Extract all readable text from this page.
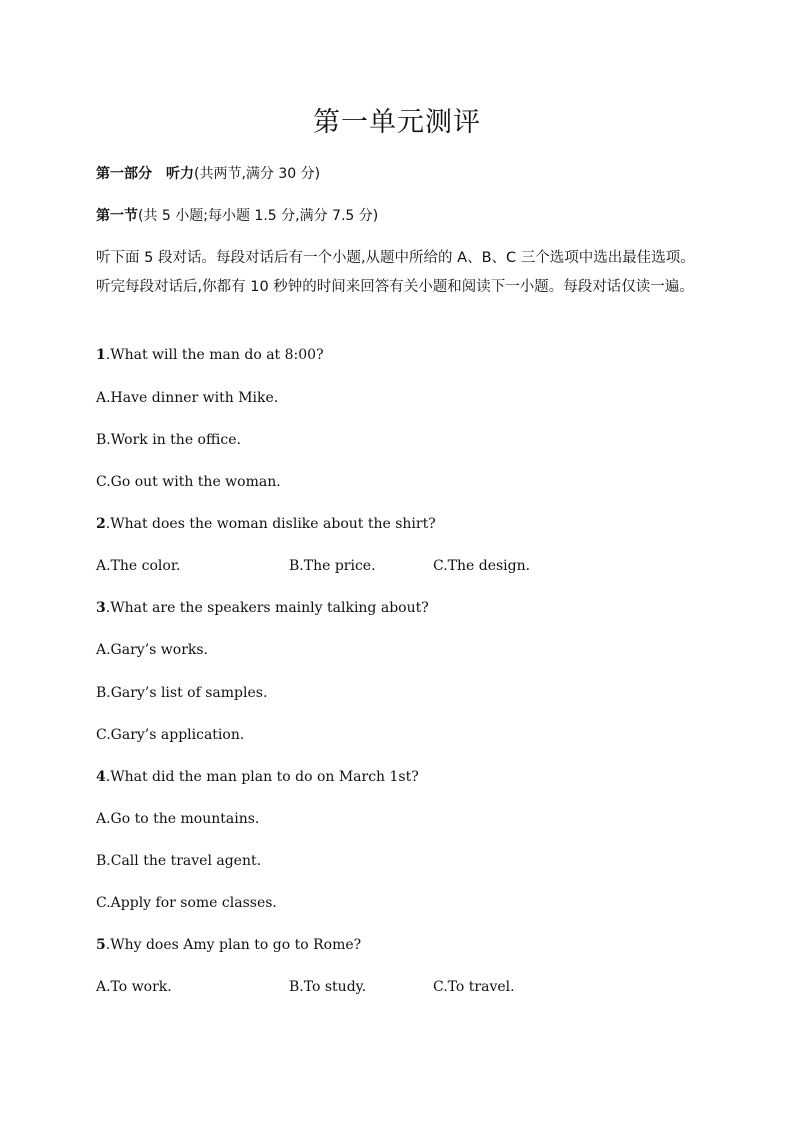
第一单元测评
第一部分 听力(共两节,满分 30 分)
第一节(共 5 小题;每小题 1.5 分,满分 7.5 分)

听下面 5 段对话。每段对话后有一个小题,从题中所给的 A、B、C 三个选项中选出最佳选项。听完每段对话后,你都有 10 秒钟的时间来回答有关小题和阅读下一小题。每段对话仅读一遍。

1.What will the man do at 8:00?
A.Have dinner with Mike.
B.Work in the office.
C.Go out with the woman.
2.What does the woman dislike about the shirt?
A.The color.	B.The price.	C.The design.
3.What are the speakers mainly talking about?
A.Gary’s works.
B.Gary’s list of samples.
C.Gary’s application.
4.What did the man plan to do on March 1st?
A.Go to the mountains.
B.Call the travel agent.
C.Apply for some classes.
5.Why does Amy plan to go to Rome?
A.To work.	B.To study.	C.To travel.
